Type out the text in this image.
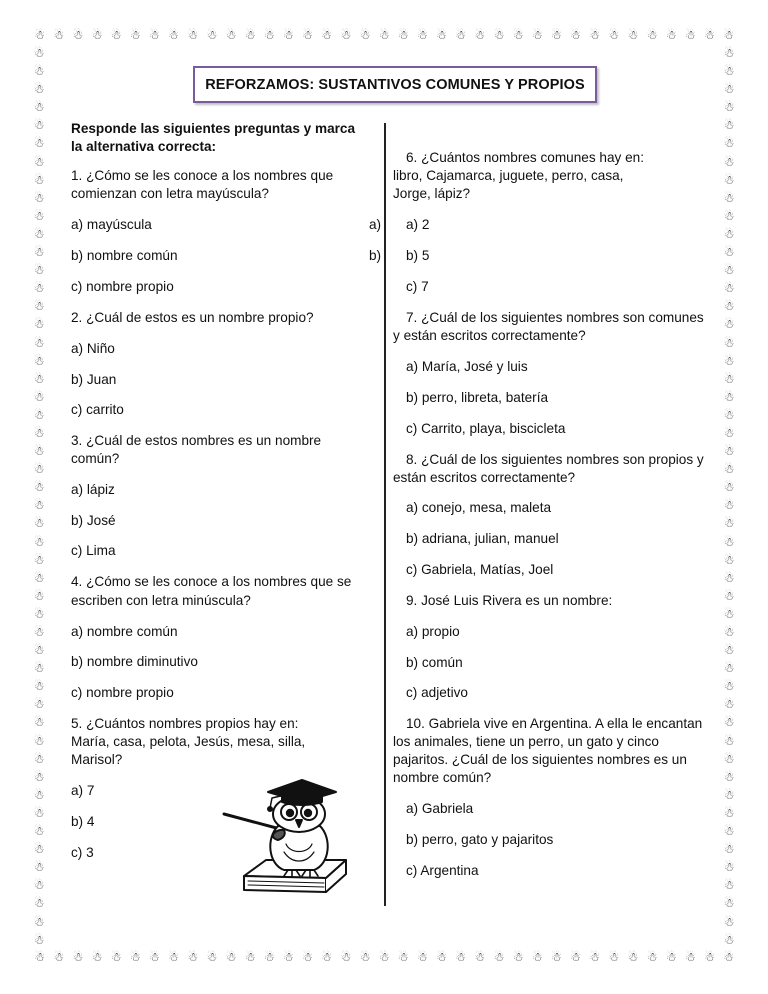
☃ ☃ ☃ ☃ ☃ ☃ ☃ ☃ ☃ ☃ ☃ ☃ ☃ ☃ ☃ ☃ ☃ ☃ ☃ ☃ ☃ ☃ ☃ ☃ ☃ ☃ ☃ ☃ ☃ ☃ ☃ ☃ ☃ ☃ ☃ ☃ ☃
☃ ☃ ☃ ☃ ☃ ☃ ☃ ☃ ☃ ☃ ☃ ☃ ☃ ☃ ☃ ☃ ☃ ☃ ☃ ☃ ☃ ☃ ☃ ☃ ☃ ☃ ☃ ☃ ☃ ☃ ☃ ☃ ☃ ☃ ☃ ☃ ☃
☃
☃
☃
☃
☃
☃
☃
☃
☃
☃
☃
☃
☃
☃
☃
☃
☃
☃
☃
☃
☃
☃
☃
☃
☃
☃
☃
☃
☃
☃
☃
☃
☃
☃
☃
☃
☃
☃
☃
☃
☃
☃
☃
☃
☃
☃
☃
☃
☃
☃
☃
☃
☃
☃
☃
☃
☃
☃
☃
☃
☃
☃
☃
☃
☃
☃
☃
☃
☃
☃
☃
☃
☃
☃
☃
☃
☃
☃
☃
☃
☃
☃
☃
☃
☃
☃
☃
☃
☃
☃
☃
☃
☃
☃
☃
☃
☃
☃
☃
☃
REFORZAMOS: SUSTANTIVOS COMUNES Y PROPIOS
Responde las siguientes preguntas y marca
la alternativa correcta:
1. ¿Cómo se les conoce a los nombres que
comienzan con letra mayúscula?
a) mayúscula
b) nombre común
c) nombre propio
a)
b)
2. ¿Cuál de estos es un nombre propio?
a) Niño
b) Juan
c) carrito
3. ¿Cuál de estos nombres es un nombre
común?
a) lápiz
b) José
c) Lima
4. ¿Cómo se les conoce a los nombres que se
escriben con letra minúscula?
a) nombre común
b) nombre diminutivo
c) nombre propio
5. ¿Cuántos nombres propios hay en:
María, casa, pelota, Jesús, mesa, silla,
Marisol?
a) 7
b) 4
c) 3
6. ¿Cuántos nombres comunes hay en:
libro, Cajamarca, juguete, perro, casa,
Jorge, lápiz?
a) 2
b) 5
c) 7
7. ¿Cuál de los siguientes nombres son comunes
y están escritos correctamente?
a) María, José y luis
b) perro, libreta, batería
c) Carrito, playa, biscicleta
8. ¿Cuál de los siguientes nombres son propios y
están escritos correctamente?
a) conejo, mesa, maleta
b) adriana, julian, manuel
c) Gabriela, Matías, Joel
9. José Luis Rivera es un nombre:
a) propio
b) común
c) adjetivo
10. Gabriela vive en Argentina. A ella le encantan
los animales, tiene un perro, un gato y cinco
pajaritos. ¿Cuál de los siguientes nombres es un
nombre común?
a) Gabriela
b) perro, gato y pajaritos
c) Argentina
